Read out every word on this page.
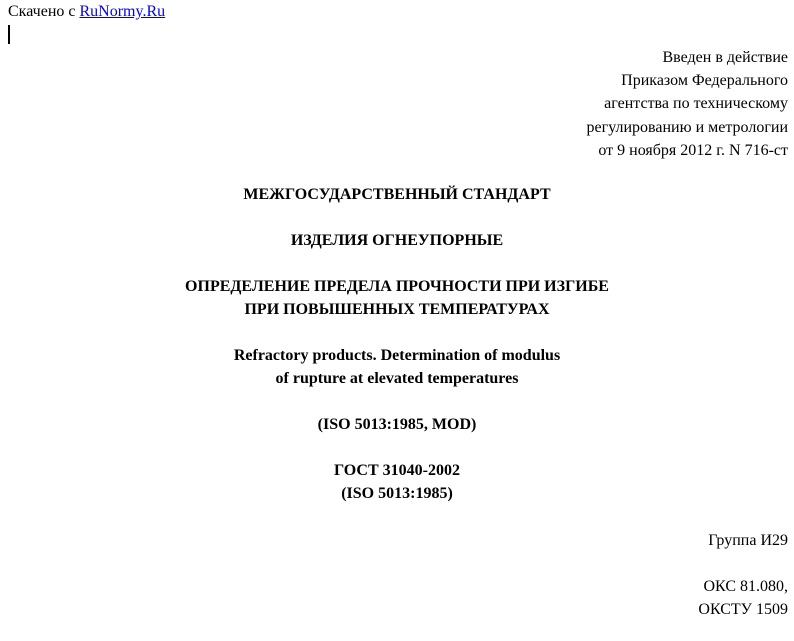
Скачено с RuNormy.Ru
Введен в действие
Приказом Федерального
агентства по техническому
регулированию и метрологии
от 9 ноября 2012 г. N 716-ст
МЕЖГОСУДАРСТВЕННЫЙ СТАНДАРТ
ИЗДЕЛИЯ ОГНЕУПОРНЫЕ
ОПРЕДЕЛЕНИЕ ПРЕДЕЛА ПРОЧНОСТИ ПРИ ИЗГИБЕ
ПРИ ПОВЫШЕННЫХ ТЕМПЕРАТУРАХ
Refractory products. Determination of modulus
of rupture at elevated temperatures
(ISO 5013:1985, MOD)
ГОСТ 31040-2002
(ISO 5013:1985)
Группа И29
ОКС 81.080,
ОКСТУ 1509
